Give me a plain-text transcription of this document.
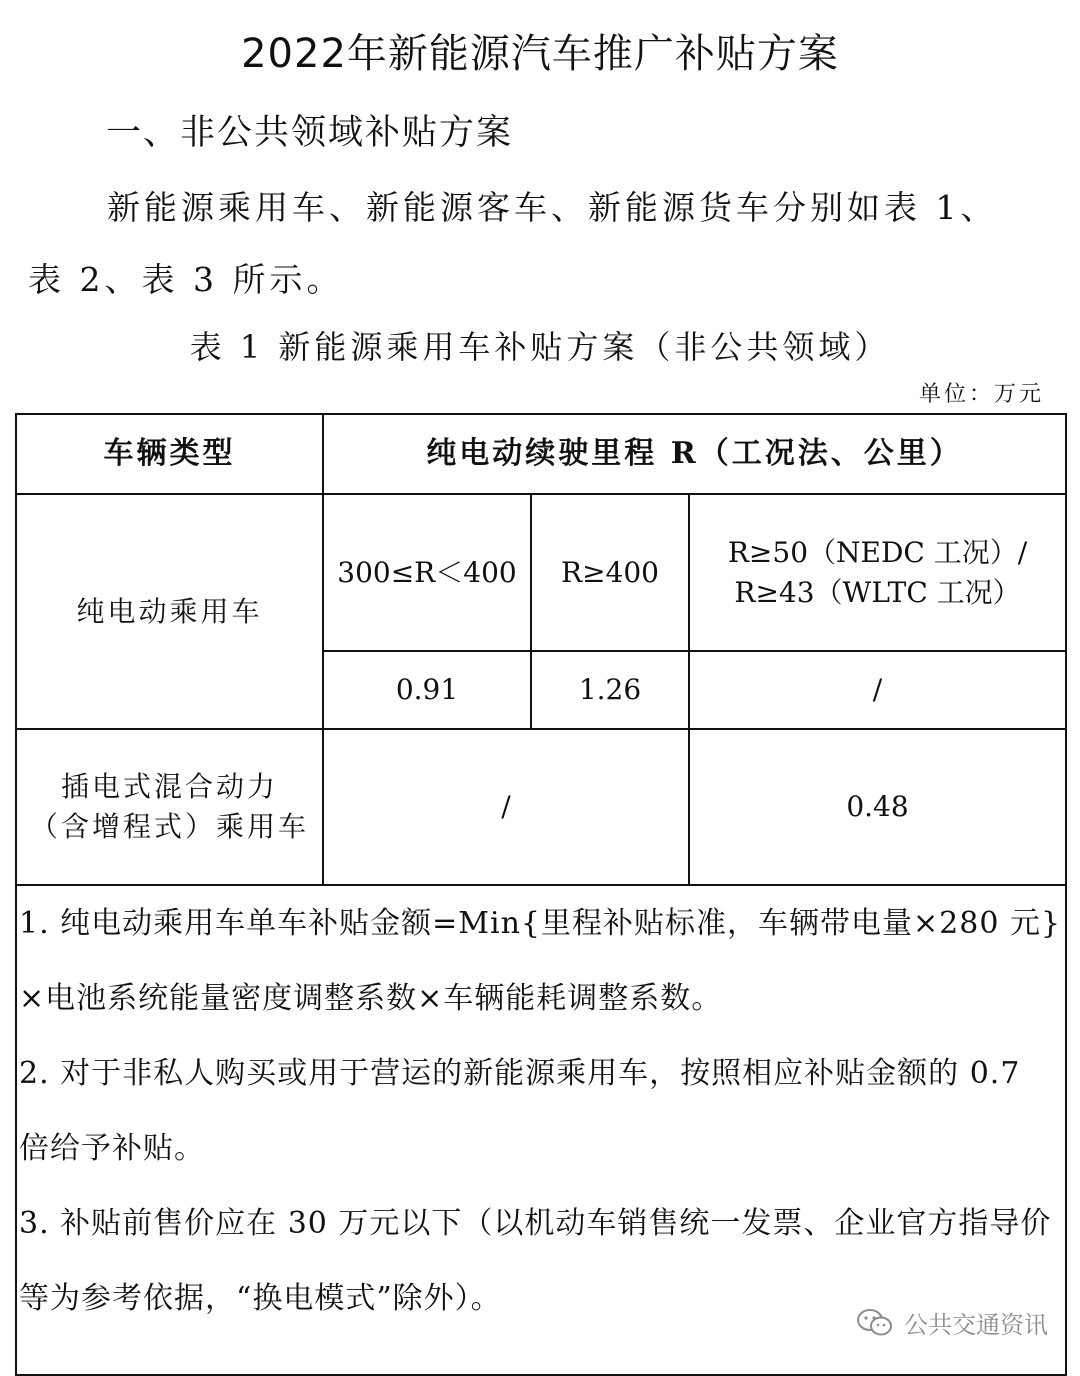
2022年新能源汽车推广补贴方案
一、非公共领域补贴方案
新能源乘用车、新能源客车、新能源货车分别如表 1、
表 2、表 3 所示。
表 1 新能源乘用车补贴方案（非公共领域）
单位：万元
车辆类型	纯电动续驶里程 R（工况法、公里）		
纯电动乘用车	300≤R＜400	R≥400	R≥50（NEDC 工况）/
R≥43（WLTC 工况）

	0.91	1.26	/

插电式混合动力
（含增程式）乘用车	/		0.48

1. 纯电动乘用车单车补贴金额=Min{里程补贴标准，车辆带电量×280 元}×电池系统能量密度调整系数×车辆能耗调整系数。
2. 对于非私人购买或用于营运的新能源乘用车，按照相应补贴金额的 0.7 倍给予补贴。
3. 补贴前售价应在 30 万元以下（以机动车销售统一发票、企业官方指导价等为参考依据，“换电模式”除外）。			
公共交通资讯
